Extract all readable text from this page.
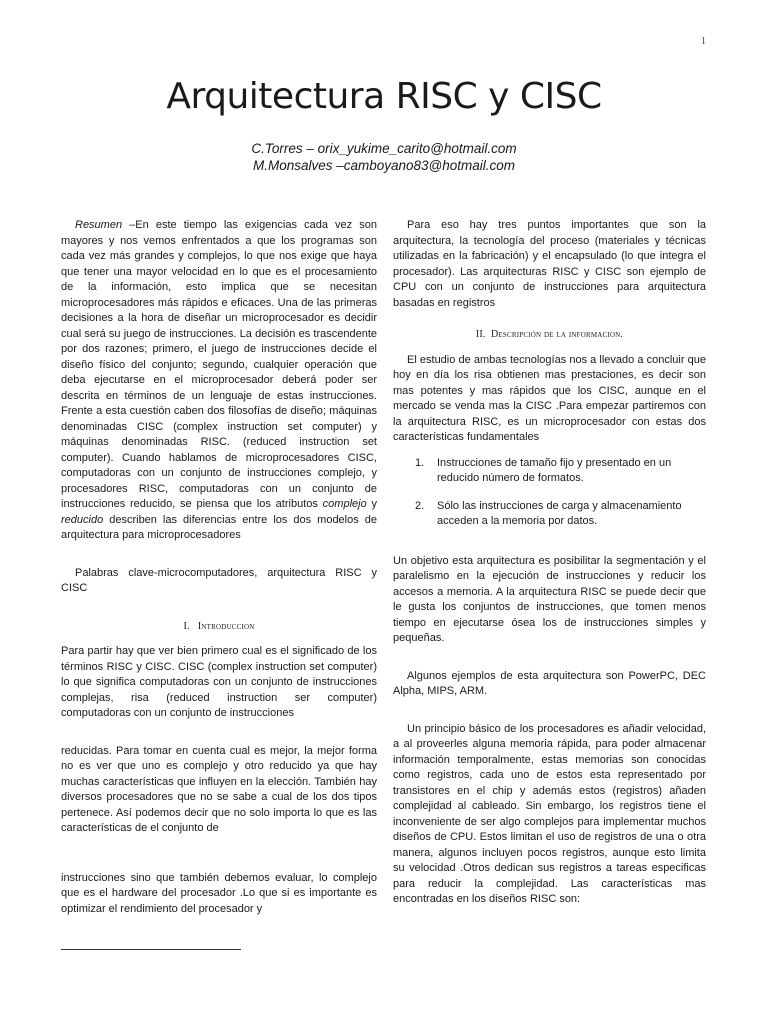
1
Arquitectura RISC y CISC
C.Torres – orix_yukime_carito@hotmail.com
M.Monsalves –camboyano83@hotmail.com

Resumen –En este tiempo las exigencias cada vez son mayores y nos vemos enfrentados a que los programas son cada vez más grandes y complejos, lo que nos exige que haya que tener una mayor velocidad en lo que es el procesamiento de la información, esto implica que se necesitan microprocesadores más rápidos e eficaces. Una de las primeras decisiones a la hora de diseñar un microprocesador es decidir cual será su juego de instrucciones. La decisión es trascendente por dos razones; primero, el juego de instrucciones decide el diseño físico del conjunto; segundo, cualquier operación que deba ejecutarse en el microprocesador deberá poder ser descrita en términos de un lenguaje de estas instrucciones. Frente a esta cuestión caben dos filosofías de diseño; máquinas denominadas CISC (complex instruction set computer) y máquinas denominadas RISC. (reduced instruction set computer). Cuando hablamos de microprocesadores CISC, computadoras con un conjunto de instrucciones complejo, y procesadores RISC, computadoras con un conjunto de instrucciones reducido, se piensa que los atributos complejo y reducido describen las diferencias entre los dos modelos de arquitectura para microprocesadores

Palabras clave-microcomputadores, arquitectura RISC y CISC

I. Introduccion

Para partir hay que ver bien primero cual es el significado de los términos RISC y CISC. CISC (complex instruction set computer) lo que significa computadoras con un conjunto de instrucciones complejas, risa (reduced instruction ser computer) computadoras con un conjunto de instrucciones

reducidas. Para tomar en cuenta cual es mejor, la mejor forma no es ver que uno es complejo y otro reducido ya que hay muchas características que influyen en la elección. También hay diversos procesadores que no se sabe a cual de los dos tipos pertenece. Así podemos decir que no solo importa lo que es las características de el conjunto de

instrucciones sino que también debemos evaluar, lo complejo que es el hardware del procesador .Lo que si es importante es optimizar el rendimiento del procesador y

Para eso hay tres puntos importantes que son la arquitectura, la tecnología del proceso (materiales y técnicas utilizadas en la fabricación) y el encapsulado (lo que integra el procesador). Las arquitecturas RISC y CISC son ejemplo de CPU con un conjunto de instrucciones para arquitectura basadas en registros

II. Descripción de la informacion.

El estudio de ambas tecnologías nos a llevado a concluir que hoy en día los risa obtienen mas prestaciones, es decir son mas potentes y mas rápidos que los CISC, aunque en el mercado se venda mas la CISC .Para empezar partiremos con la arquitectura RISC, es un microprocesador con estas dos características fundamentales

1. Instrucciones de tamaño fijo y presentado en un reducido número de formatos.
2. Sólo las instrucciones de carga y almacenamiento acceden a la memoria por datos.

Un objetivo esta arquitectura es posibilitar la segmentación y el paralelismo en la ejecución de instrucciones y reducir los accesos a memoria. A la arquitectura RISC se puede decir que le gusta los conjuntos de instrucciones, que tomen menos tiempo en ejecutarse ósea los de instrucciones simples y pequeñas.

Algunos ejemplos de esta arquitectura son PowerPC, DEC Alpha, MIPS, ARM.

Un principio básico de los procesadores es añadir velocidad, a al proveerles alguna memoria rápida, para poder almacenar información temporalmente, estas memorias son conocidas como registros, cada uno de estos esta representado por transistores en el chip y además estos (registros) añaden complejidad al cableado. Sin embargo, los registros tiene el inconveniente de ser algo complejos para implementar muchos diseños de CPU. Estos limitan el uso de registros de una o otra manera, algunos incluyen pocos registros, aunque esto limita su velocidad .Otros dedican sus registros a tareas especificas para reducir la complejidad. Las características mas encontradas en los diseños RISC son:
